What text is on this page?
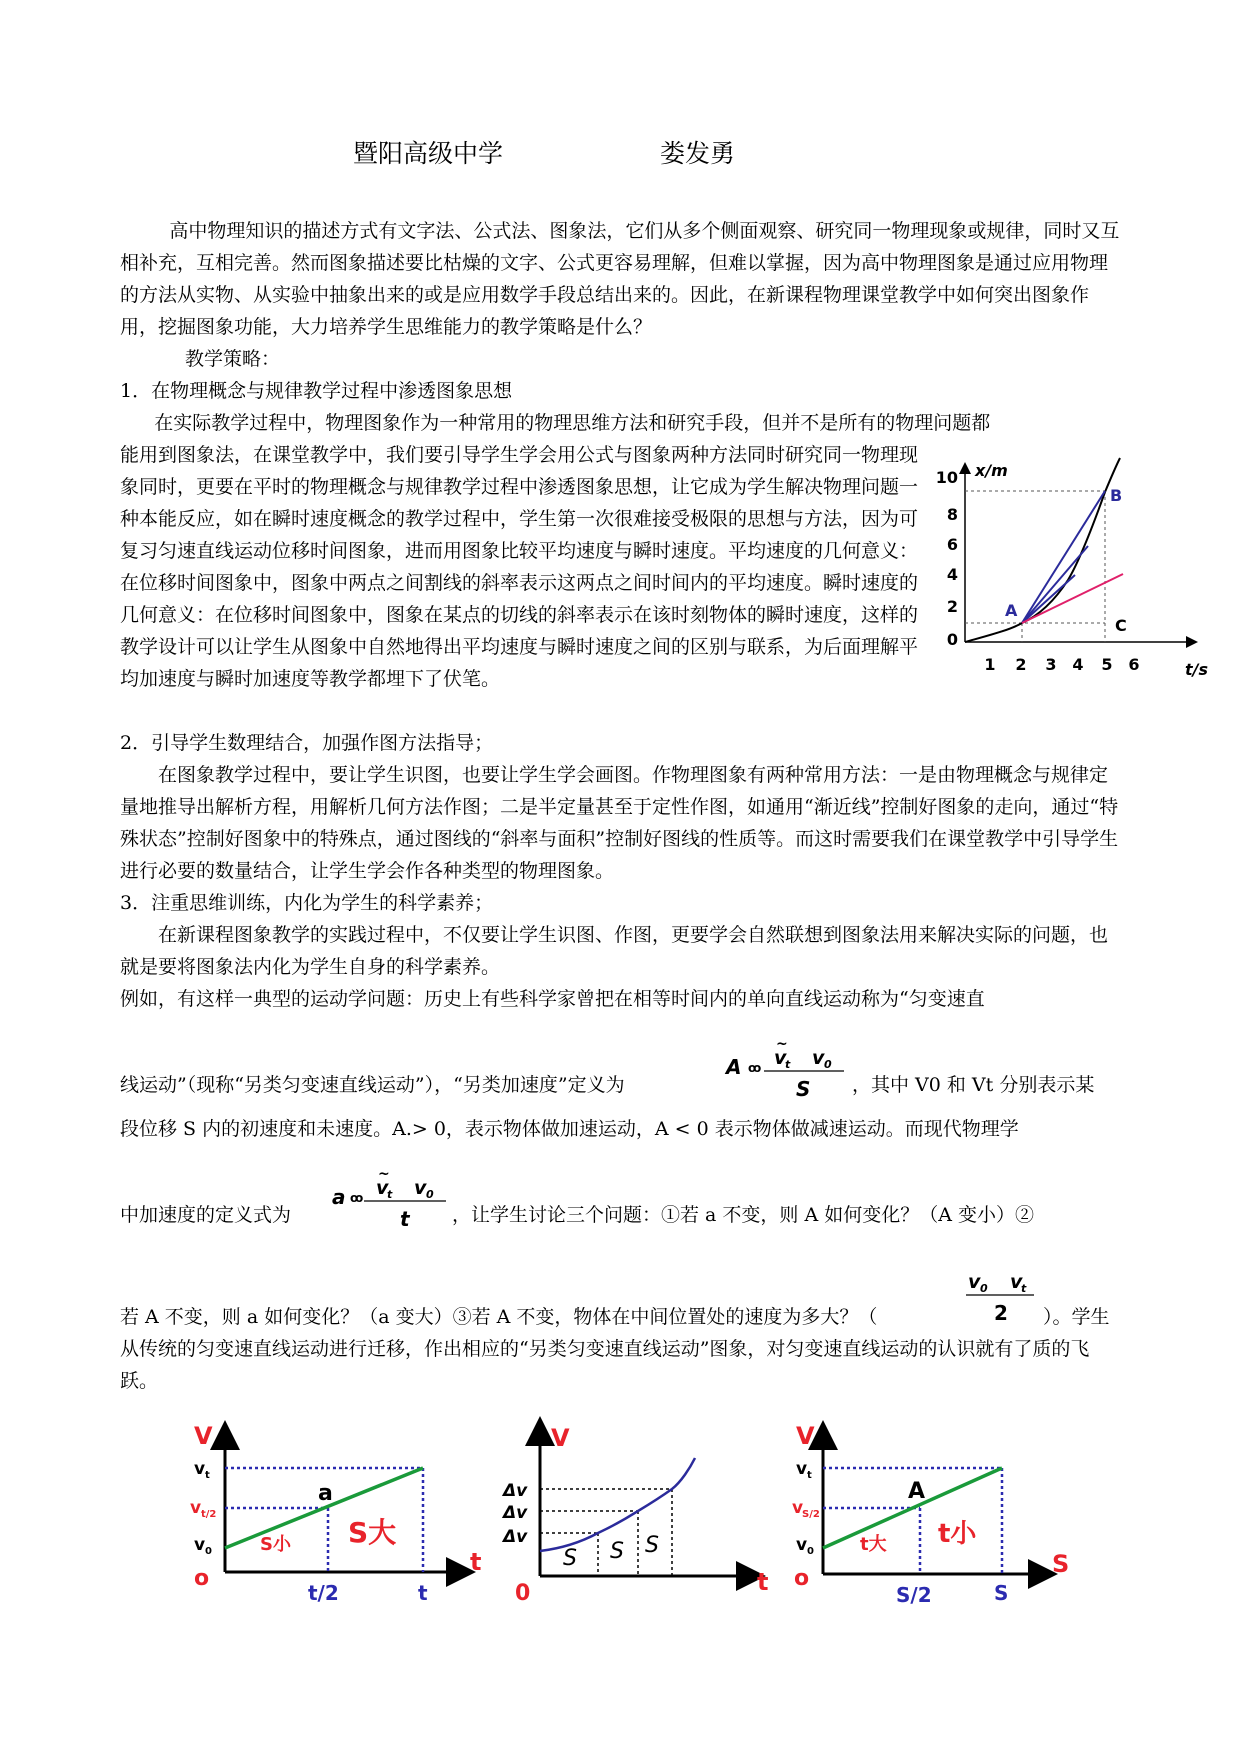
暨阳高级中学	娄发勇

高中物理知识的描述方式有文字法、公式法、图象法，它们从多个侧面观察、研究同一物理现象或规律，同时又互相补充，互相完善。然而图象描述要比枯燥的文字、公式更容易理解，但难以掌握，因为高中物理图象是通过应用物理的方法从实物、从实验中抽象出来的或是应用数学手段总结出来的。因此，在新课程物理课堂教学中如何突出图象作用，挖掘图象功能，大力培养学生思维能力的教学策略是什么？

教学策略：

1．在物理概念与规律教学过程中渗透图象思想

在实际教学过程中，物理图象作为一种常用的物理思维方法和研究手段，但并不是所有的物理问题都

能用到图象法，在课堂教学中，我们要引导学生学会用公式与图象两种方法同时研究同一物理现象同时，更要在平时的物理概念与规律教学过程中渗透图象思想，让它成为学生解决物理问题一种本能反应，如在瞬时速度概念的教学过程中，学生第一次很难接受极限的思想与方法，因为可复习匀速直线运动位移时间图象，进而用图象比较平均速度与瞬时速度。平均速度的几何意义：在位移时间图象中，图象中两点之间割线的斜率表示这两点之间时间内的平均速度。瞬时速度的几何意义：在位移时间图象中，图象在某点的切线的斜率表示在该时刻物体的瞬时速度，这样的教学设计可以让学生从图象中自然地得出平均速度与瞬时速度之间的区别与联系，为后面理解平均加速度与瞬时加速度等教学都埋下了伏笔。

x/m
t/s
10
8
6
4
2
0
1 2 3 4 5 6
A
B
C

2．引导学生数理结合，加强作图方法指导；

在图象教学过程中，要让学生识图，也要让学生学会画图。作物理图象有两种常用方法：一是由物理概念与规律定量地推导出解析方程，用解析几何方法作图；二是半定量甚至于定性作图，如通用“渐近线”控制好图象的走向，通过“特殊状态”控制好图象中的特殊点，通过图线的“斜率与面积”控制好图线的性质等。而这时需要我们在课堂教学中引导学生进行必要的数量结合，让学生学会作各种类型的物理图象。

3．注重思维训练，内化为学生的科学素养；

在新课程图象教学的实践过程中，不仅要让学生识图、作图，更要学会自然联想到图象法用来解决实际的问题，也就是要将图象法内化为学生自身的科学素养。

例如，有这样一典型的运动学问题：历史上有些科学家曾把在相等时间内的单向直线运动称为“匀变速直

线运动”（现称“另类匀变速直线运动”），“另类加速度”定义为	，其中 V0 和 Vt 分别表示某
A ꝏ
~
v
t v 0
S

段位移 S 内的初速度和未速度。A.> 0，表示物体做加速运动，A < 0 表示物体做减速运动。而现代物理学

中加速度的定义式为	，让学生讨论三个问题：①若 a 不变，则 A 如何变化？（A 变小）②
a ꝏ
~
v
t v 0
t
若 A 不变，则 a 如何变化？（a 变大）③若 A 不变，物体在中间位置处的速度为多大？（	）。学生
v 0 v
t
2

从传统的匀变速直线运动进行迁移，作出相应的“另类匀变速直线运动”图象，对匀变速直线运动的认识就有了质的飞跃。

V
t
o
v t
v t/2
v 0
a
S小 S大
t/2	t
V
t
0
Δv
Δv
Δv
S S S
V
S
o
v t
v
S/2
v 0
A
t大 t小
S/2	S
